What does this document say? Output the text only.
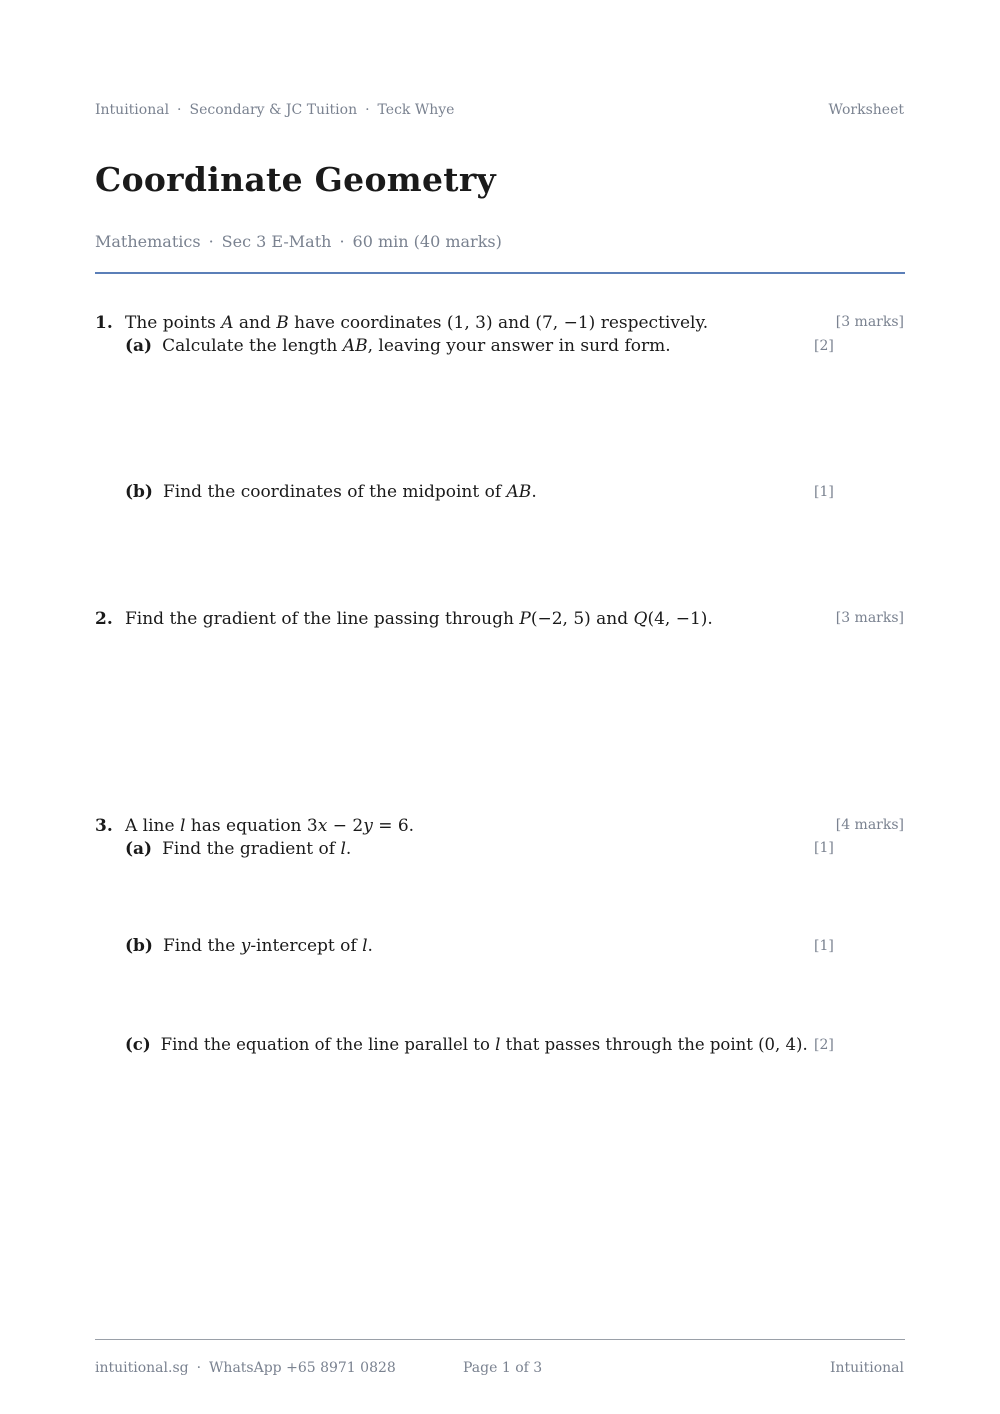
Intuitional · Secondary & JC Tuition · Teck Whye	Worksheet
Coordinate Geometry
Mathematics · Sec 3 E-Math · 60 min (40 marks)
1. The points A and B have coordinates (1, 3) and (7, −1) respectively.	[3 marks]
(a) Calculate the length AB, leaving your answer in surd form.	[2]
(b) Find the coordinates of the midpoint of AB.	[1]
2. Find the gradient of the line passing through P(−2, 5) and Q(4, −1).	[3 marks]
3. A line l has equation 3x − 2y = 6.	[4 marks]
(a) Find the gradient of l.	[1]
(b) Find the y-intercept of l.	[1]
(c) Find the equation of the line parallel to l that passes through the point (0, 4). [2]
intuitional.sg · WhatsApp +65 8971 0828	Page 1 of 3	Intuitional
